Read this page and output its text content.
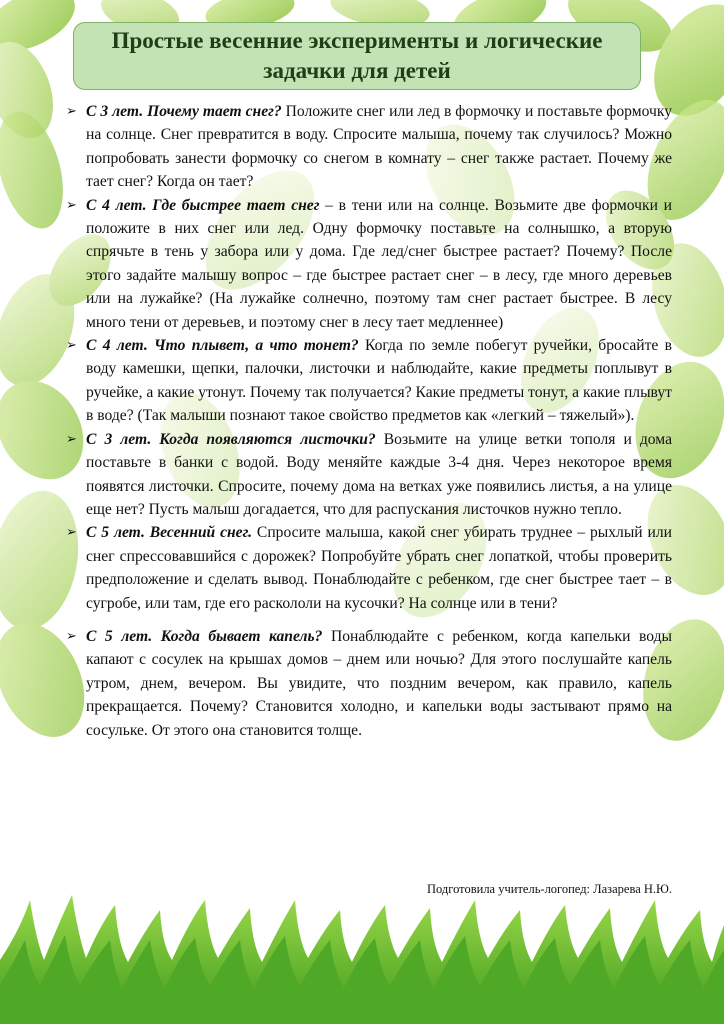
Простые весенние эксперименты и логические
задачки для детей
➢ С 3 лет. Почему тает снег? Положите снег или лед в формочку и поставьте формочку на солнце. Снег превратится в воду. Спросите малыша, почему так случилось? Можно попробовать занести формочку со снегом в комнату – снег также растает. Почему же тает снег? Когда он тает?
➢ С 4 лет. Где быстрее тает снег – в тени или на солнце. Возьмите две формочки и положите в них снег или лед. Одну формочку поставьте на солнышко, а вторую спрячьте в тень у забора или у дома. Где лед/снег быстрее растает? Почему? После этого задайте малышу вопрос – где быстрее растает снег – в лесу, где много деревьев или на лужайке? (На лужайке солнечно, поэтому там снег растает быстрее. В лесу много тени от деревьев, и поэтому снег в лесу тает медленнее)
➢ С 4 лет. Что плывет, а что тонет? Когда по земле побегут ручейки, бросайте в воду камешки, щепки, палочки, листочки и наблюдайте, какие предметы поплывут в ручейке, а какие утонут. Почему так получается? Какие предметы тонут, а какие плывут в воде? (Так малыши познают такое свойство предметов как «легкий – тяжелый»).
➢ С 3 лет. Когда появляются листочки? Возьмите на улице ветки тополя и дома поставьте в банки с водой. Воду меняйте каждые 3-4 дня. Через некоторое время появятся листочки. Спросите, почему дома на ветках уже появились листья, а на улице еще нет? Пусть малыш догадается, что для распускания листочков нужно тепло.
➢ С 5 лет. Весенний снег. Спросите малыша, какой снег убирать труднее – рыхлый или снег спрессовавшийся с дорожек? Попробуйте убрать снег лопаткой, чтобы проверить предположение и сделать вывод. Понаблюдайте с ребенком, где снег быстрее тает – в сугробе, или там, где его раскололи на кусочки? На солнце или в тени?
➢ С 5 лет. Когда бывает капель? Понаблюдайте с ребенком, когда капельки воды капают с сосулек на крышах домов – днем или ночью? Для этого послушайте капель утром, днем, вечером. Вы увидите, что поздним вечером, как правило, капель прекращается. Почему? Становится холодно, и капельки воды застывают прямо на сосульке. От этого она становится толще.
Подготовила учитель-логопед: Лазарева Н.Ю.
